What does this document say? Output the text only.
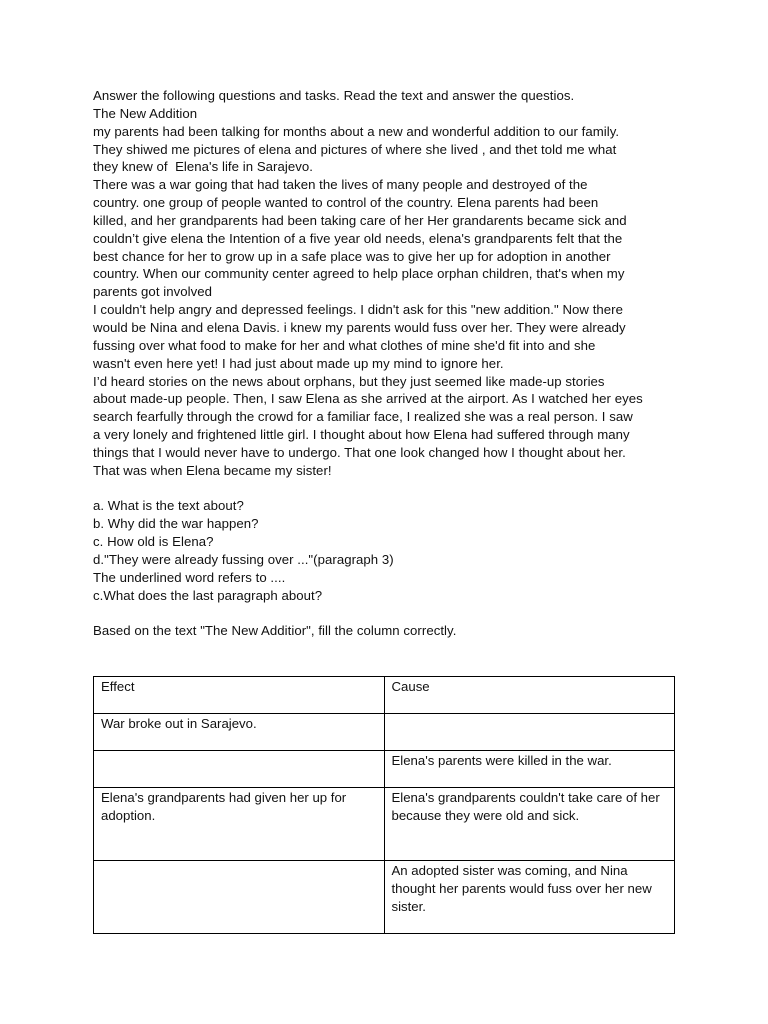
Answer the following questions and tasks. Read the text and answer the questios.
The New Addition
my parents had been talking for months about a new and wonderful addition to our family.
They shiwed me pictures of elena and pictures of where she lived , and thet told me what
they knew of  Elena's life in Sarajevo.
There was a war going that had taken the lives of many people and destroyed of the
country. one group of people wanted to control of the country. Elena parents had been
killed, and her grandparents had been taking care of her Her grandarents became sick and
couldn’t give elena the Intention of a five year old needs, elena's grandparents felt that the
best chance for her to grow up in a safe place was to give her up for adoption in another
country. When our community center agreed to help place orphan children, that's when my
parents got involved
I couldn't help angry and depressed feelings. I didn't ask for this "new addition." Now there
would be Nina and elena Davis. i knew my parents would fuss over her. They were already
fussing over what food to make for her and what clothes of mine she'd fit into and she
wasn't even here yet! I had just about made up my mind to ignore her.
I’d heard stories on the news about orphans, but they just seemed like made-up stories
about made-up people. Then, I saw Elena as she arrived at the airport. As I watched her eyes
search fearfully through the crowd for a familiar face, I realized she was a real person. I saw
a very lonely and frightened little girl. I thought about how Elena had suffered through many
things that I would never have to undergo. That one look changed how I thought about her.
That was when Elena became my sister!
a. What is the text about?
b. Why did the war happen?
c. How old is Elena?
d."They were already fussing over ..."(paragraph 3)
The underlined word refers to ....
c.What does the last paragraph about?
Based on the text "The New Additior", fill the column correctly.
Effect	Cause
War broke out in Sarajevo.	
	Elena's parents were killed in the war.
Elena's grandparents had given her up for adoption.	Elena's grandparents couldn't take care of her
because they were old and sick.
	An adopted sister was coming, and Nina thought her parents would fuss over her new sister.
